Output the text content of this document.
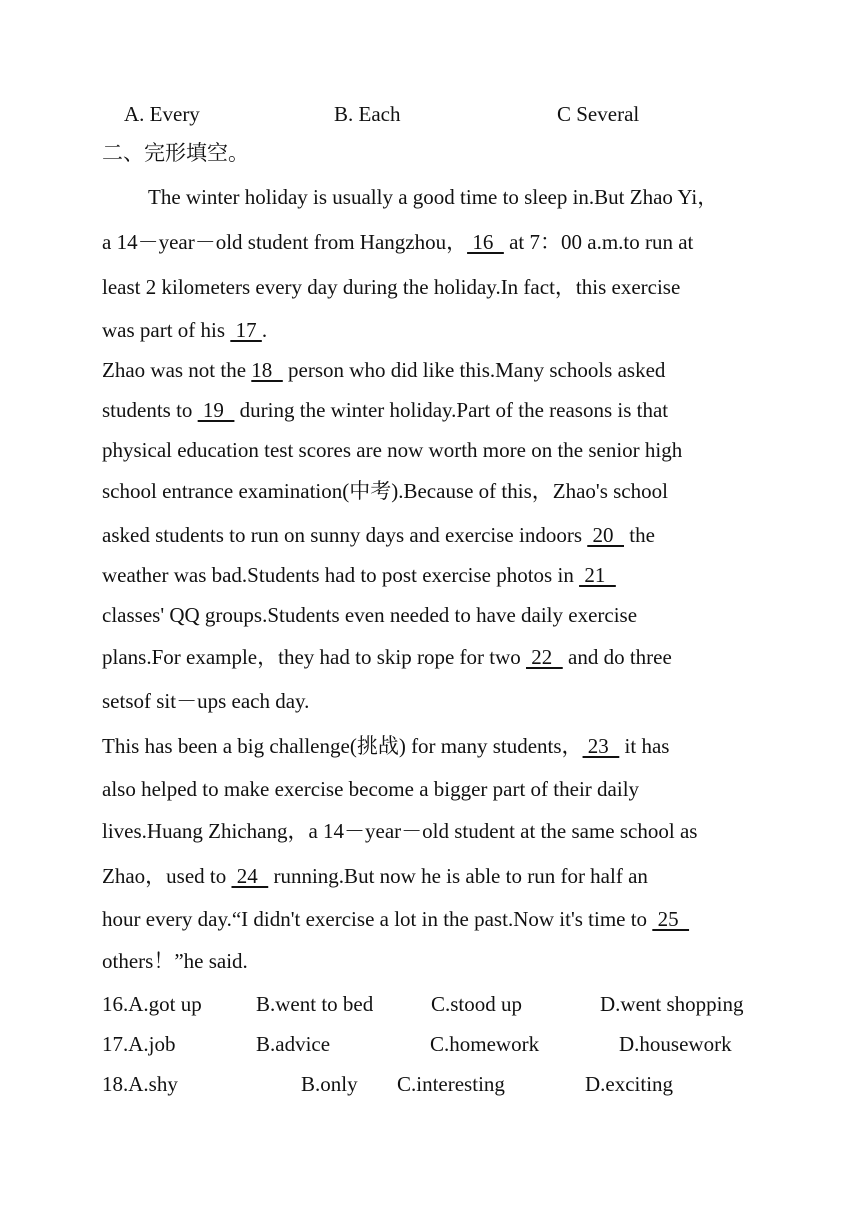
A. Every	B. Each	C Several
二、完形填空。
The winter holiday is usually a good time to sleep in.But Zhao Yi，
a 14－year－old student from Hangzhou， 16   at 7：00 a.m.to run at
least 2 kilometers every day during the holiday.In fact，this exercise
was part of his  17 .
Zhao was not the 18   person who did like this.Many schools asked
students to  19   during the winter holiday.Part of the reasons is that
physical education test scores are now worth more on the senior high
school entrance examination(中考).Because of this，Zhao's school
asked students to run on sunny days and exercise indoors  20   the
weather was bad.Students had to post exercise photos in  21
classes' QQ groups.Students even needed to have daily exercise
plans.For example，they had to skip rope for two  22   and do three
setsof sit－ups each day.
This has been a big challenge(挑战) for many students， 23   it has
also helped to make exercise become a bigger part of their daily
lives.Huang Zhichang，a 14－year－old student at the same school as
Zhao，used to  24   running.But now he is able to run for half an
hour every day.“I didn't exercise a lot in the past.Now it's time to  25
others！”he said.
16.A.got up	B.went to bed	C.stood up	D.went shopping
17.A.job	B.advice	C.homework	D.housework
18.A.shy	B.only C.interesting	D.exciting
